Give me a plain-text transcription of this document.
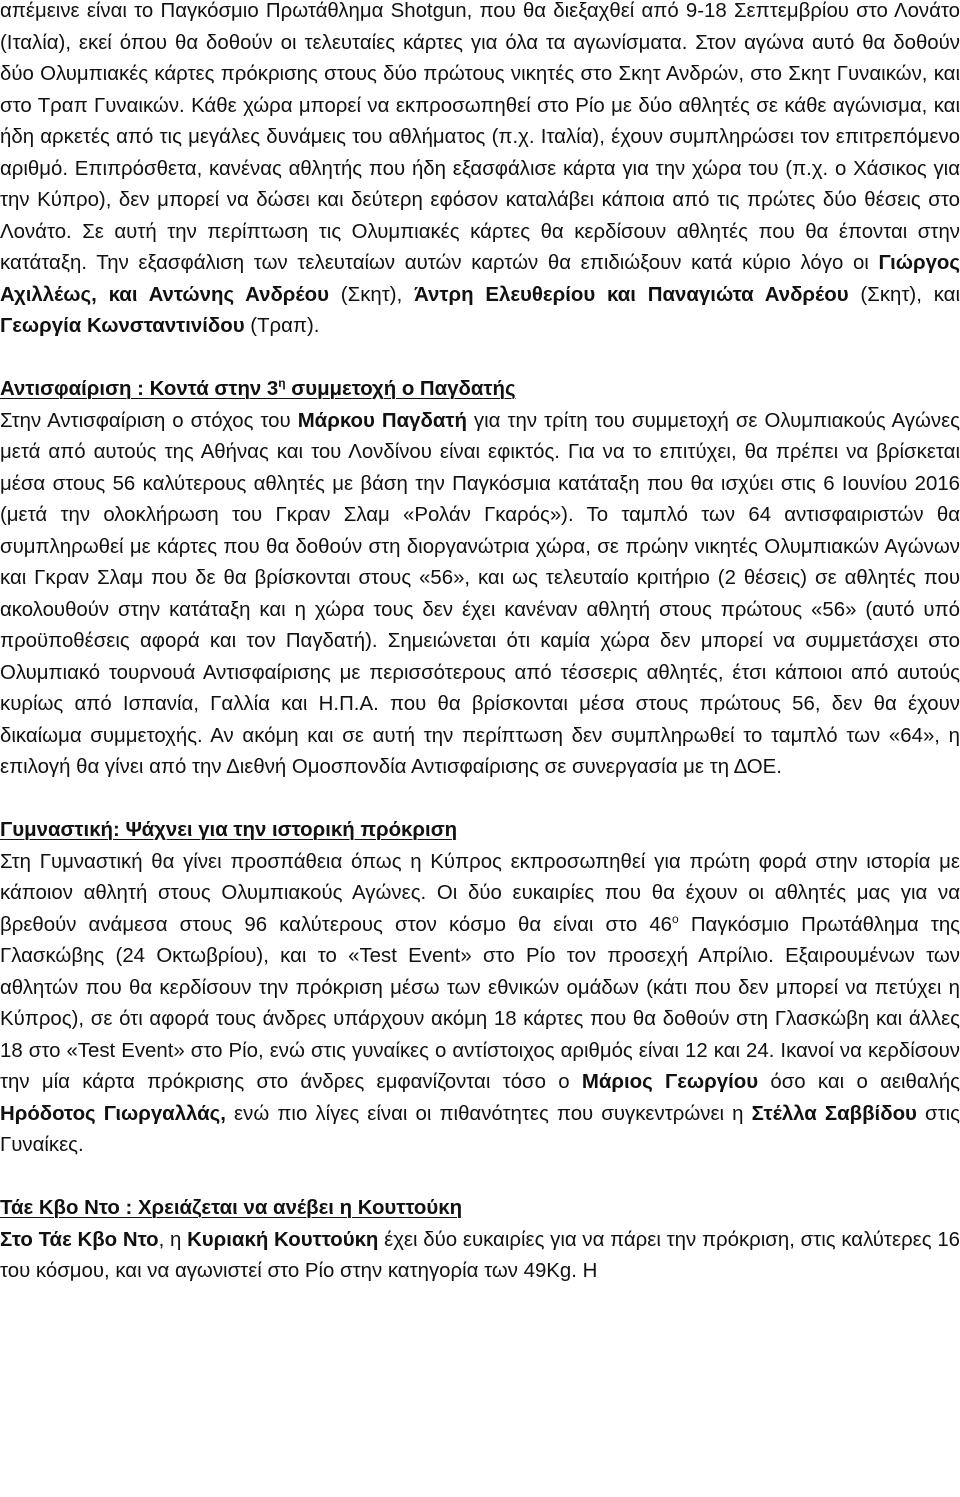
απέμεινε είναι το Παγκόσμιο Πρωτάθλημα Shotgun, που θα διεξαχθεί από 9-18 Σεπτεμβρίου στο Λονάτο (Ιταλία), εκεί όπου θα δοθούν οι τελευταίες κάρτες για όλα τα αγωνίσματα. Στον αγώνα αυτό θα δοθούν δύο Ολυμπιακές κάρτες πρόκρισης στους δύο πρώτους νικητές στο Σκητ Ανδρών, στο Σκητ Γυναικών, και στο Τραπ Γυναικών. Κάθε χώρα μπορεί να εκπροσωπηθεί στο Ρίο με δύο αθλητές σε κάθε αγώνισμα, και ήδη αρκετές από τις μεγάλες δυνάμεις του αθλήματος (π.χ. Ιταλία), έχουν συμπληρώσει τον επιτρεπόμενο αριθμό. Επιπρόσθετα, κανένας αθλητής που ήδη εξασφάλισε κάρτα για την χώρα του (π.χ. ο Χάσικος για την Κύπρο), δεν μπορεί να δώσει και δεύτερη εφόσον καταλάβει κάποια από τις πρώτες δύο θέσεις στο Λονάτο. Σε αυτή την περίπτωση τις Ολυμπιακές κάρτες θα κερδίσουν αθλητές που θα έπονται στην κατάταξη. Την εξασφάλιση των τελευταίων αυτών καρτών θα επιδιώξουν κατά κύριο λόγο οι Γιώργος Αχιλλέως, και Αντώνης Ανδρέου (Σκητ), Άντρη Ελευθερίου και Παναγιώτα Ανδρέου (Σκητ), και Γεωργία Κωνσταντινίδου (Τραπ).

Αντισφαίριση : Κοντά στην $3^\eta$ συμμετοχή ο Παγδατής

Στην Αντισφαίριση ο στόχος του Μάρκου Παγδατή για την τρίτη του συμμετοχή σε Ολυμπιακούς Αγώνες μετά από αυτούς της Αθήνας και του Λονδίνου είναι εφικτός. Για να το επιτύχει, θα πρέπει να βρίσκεται μέσα στους 56 καλύτερους αθλητές με βάση την Παγκόσμια κατάταξη που θα ισχύει στις 6 Ιουνίου 2016 (μετά την ολοκλήρωση του Γκραν Σλαμ «Ρολάν Γκαρός»). Το ταμπλό των 64 αντισφαιριστών θα συμπληρωθεί με κάρτες που θα δοθούν στη διοργανώτρια χώρα, σε πρώην νικητές Ολυμπιακών Αγώνων και Γκραν Σλαμ που δε θα βρίσκονται στους «56», και ως τελευταίο κριτήριο (2 θέσεις) σε αθλητές που ακολουθούν στην κατάταξη και η χώρα τους δεν έχει κανέναν αθλητή στους πρώτους «56» (αυτό υπό προϋποθέσεις αφορά και τον Παγδατή). Σημειώνεται ότι καμία χώρα δεν μπορεί να συμμετάσχει στο Ολυμπιακό τουρνουά Αντισφαίρισης με περισσότερους από τέσσερις αθλητές, έτσι κάποιοι από αυτούς κυρίως από Ισπανία, Γαλλία και Η.Π.Α. που θα βρίσκονται μέσα στους πρώτους 56, δεν θα έχουν δικαίωμα συμμετοχής. Αν ακόμη και σε αυτή την περίπτωση δεν συμπληρωθεί το ταμπλό των «64», η επιλογή θα γίνει από την Διεθνή Ομοσπονδία Αντισφαίρισης σε συνεργασία με τη ΔΟΕ.

Γυμναστική: Ψάχνει για την ιστορική πρόκριση

Στη Γυμναστική θα γίνει προσπάθεια όπως η Κύπρος εκπροσωπηθεί για πρώτη φορά στην ιστορία με κάποιον αθλητή στους Ολυμπιακούς Αγώνες. Οι δύο ευκαιρίες που θα έχουν οι αθλητές μας για να βρεθούν ανάμεσα στους 96 καλύτερους στον κόσμο θα είναι στο $46^o$ Παγκόσμιο Πρωτάθλημα της Γλασκώβης (24 Οκτωβρίου), και το «Test Event» στο Ρίο τον προσεχή Απρίλιο. Εξαιρουμένων των αθλητών που θα κερδίσουν την πρόκριση μέσω των εθνικών ομάδων (κάτι που δεν μπορεί να πετύχει η Κύπρος), σε ότι αφορά τους άνδρες υπάρχουν ακόμη 18 κάρτες που θα δοθούν στη Γλασκώβη και άλλες 18 στο «Test Event» στο Ρίο, ενώ στις γυναίκες ο αντίστοιχος αριθμός είναι 12 και 24. Ικανοί να κερδίσουν την μία κάρτα πρόκρισης στο άνδρες εμφανίζονται τόσο ο Μάριος Γεωργίου όσο και ο αειθαλής Ηρόδοτος Γιωργαλλάς, ενώ πιο λίγες είναι οι πιθανότητες που συγκεντρώνει η Στέλλα Σαββίδου στις Γυναίκες.

Τάε Κβο Ντο : Χρειάζεται να ανέβει η Κουττούκη

Στο Τάε Κβο Ντο, η Κυριακή Κουττούκη έχει δύο ευκαιρίες για να πάρει την πρόκριση, στις καλύτερες 16 του κόσμου, και να αγωνιστεί στο Ρίο στην κατηγορία των 49Kg. Η
